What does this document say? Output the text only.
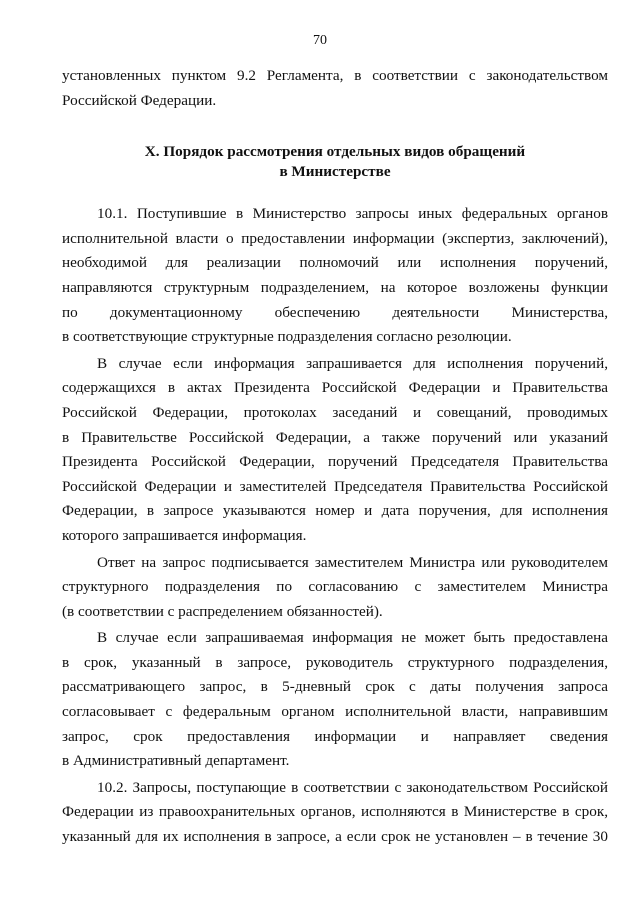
70
установленных пунктом 9.2 Регламента, в соответствии с законодательством
Российской Федерации.
X. Порядок рассмотрения отдельных видов обращений
в Министерстве
10.1. Поступившие в Министерство запросы иных федеральных органов
исполнительной власти о предоставлении информации (экспертиз, заключений),
необходимой для реализации полномочий или исполнения поручений,
направляются структурным подразделением, на которое возложены функции
по документационному обеспечению деятельности Министерства,
в соответствующие структурные подразделения согласно резолюции.
В случае если информация запрашивается для исполнения поручений,
содержащихся в актах Президента Российской Федерации и Правительства
Российской Федерации, протоколах заседаний и совещаний, проводимых
в Правительстве Российской Федерации, а также поручений или указаний
Президента Российской Федерации, поручений Председателя Правительства
Российской Федерации и заместителей Председателя Правительства Российской
Федерации, в запросе указываются номер и дата поручения, для исполнения
которого запрашивается информация.
Ответ на запрос подписывается заместителем Министра или руководителем
структурного подразделения по согласованию с заместителем Министра
(в соответствии с распределением обязанностей).
В случае если запрашиваемая информация не может быть предоставлена
в срок, указанный в запросе, руководитель структурного подразделения,
рассматривающего запрос, в 5-дневный срок с даты получения запроса
согласовывает с федеральным органом исполнительной власти, направившим
запрос, срок предоставления информации и направляет сведения
в Административный департамент.
10.2. Запросы, поступающие в соответствии с законодательством Российской
Федерации из правоохранительных органов, исполняются в Министерстве в срок,
указанный для их исполнения в запросе, а если срок не установлен – в течение 30
